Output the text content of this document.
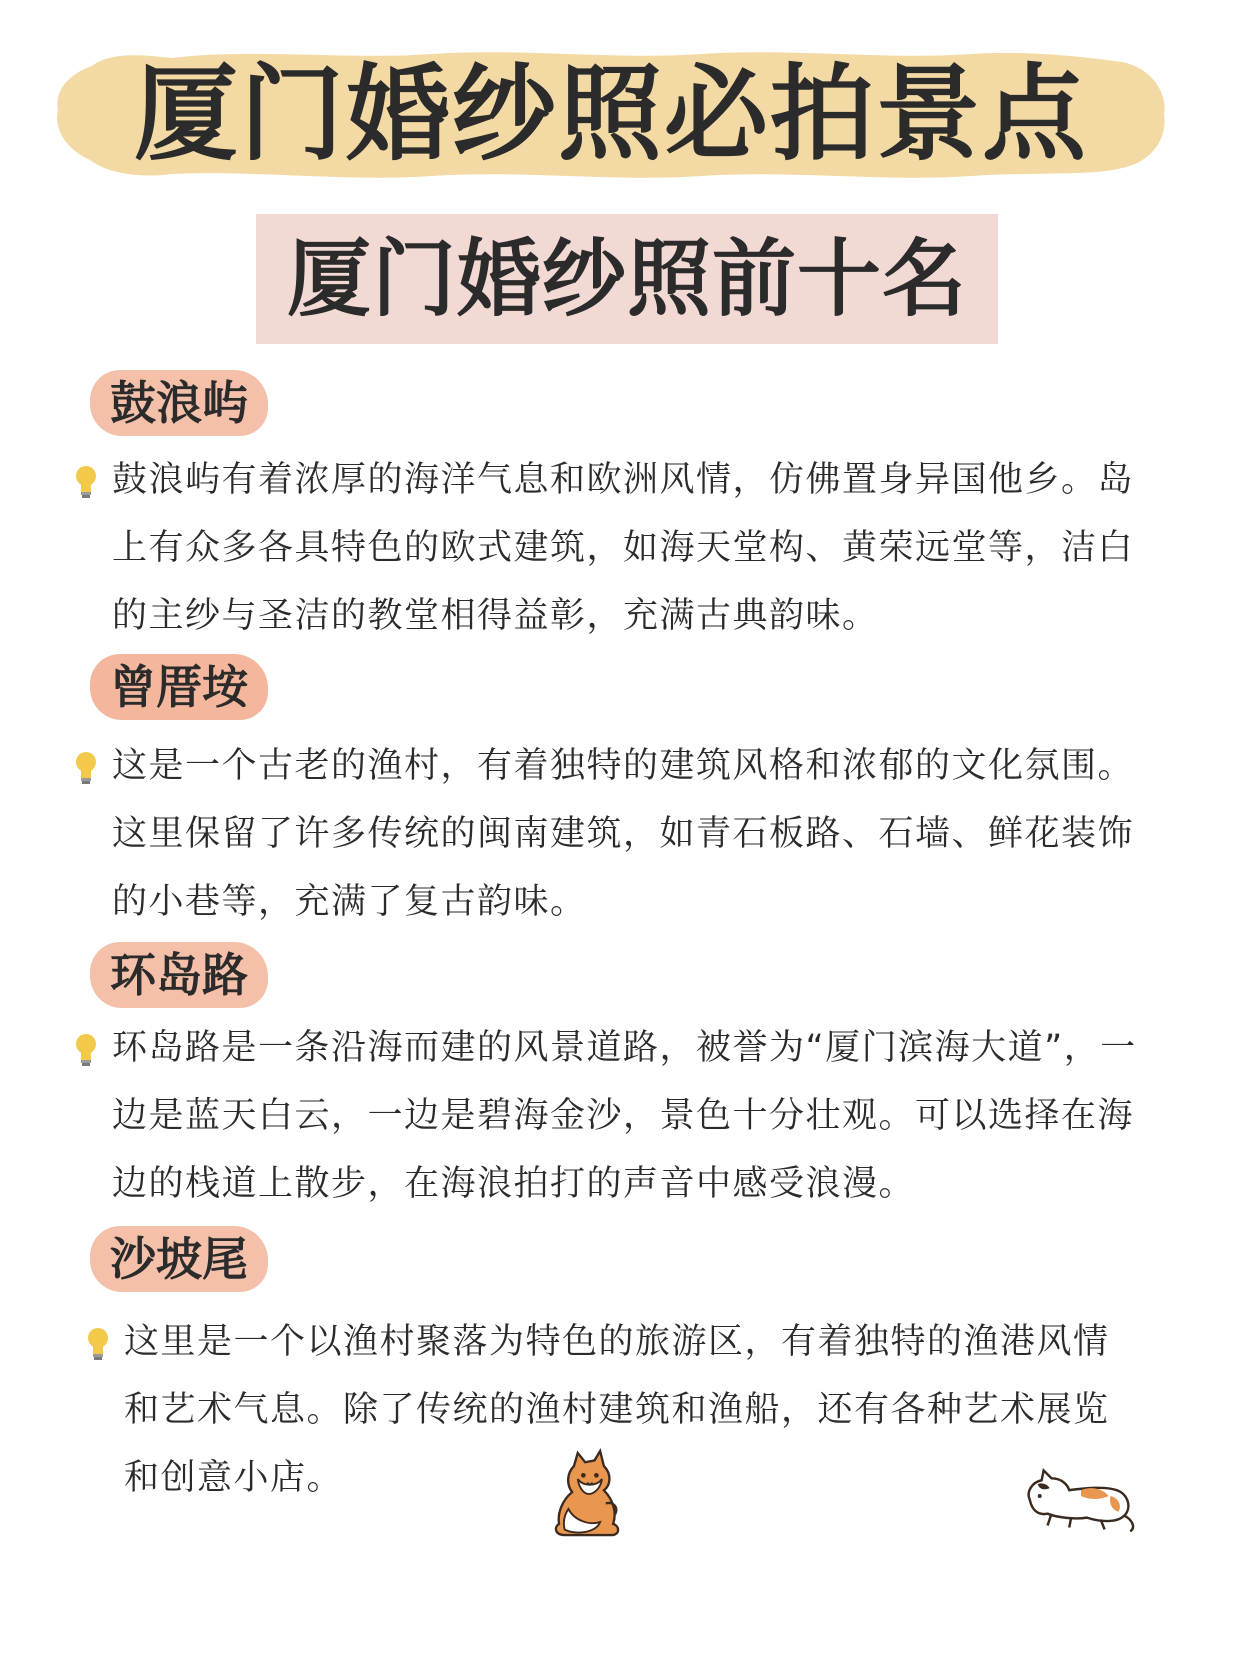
厦门婚纱照必拍景点
厦门婚纱照前十名
鼓浪屿
鼓浪屿有着浓厚的海洋气息和欧洲风情，仿佛置身异国他乡。岛上有众多各具特色的欧式建筑，如海天堂构、黄荣远堂等，洁白的主纱与圣洁的教堂相得益彰，充满古典韵味。
曾厝垵
这是一个古老的渔村，有着独特的建筑风格和浓郁的文化氛围。这里保留了许多传统的闽南建筑，如青石板路、石墙、鲜花装饰的小巷等，充满了复古韵味。
环岛路
环岛路是一条沿海而建的风景道路，被誉为“厦门滨海大道”，一边是蓝天白云，一边是碧海金沙，景色十分壮观。可以选择在海边的栈道上散步，在海浪拍打的声音中感受浪漫。
沙坡尾
这里是一个以渔村聚落为特色的旅游区，有着独特的渔港风情和艺术气息。除了传统的渔村建筑和渔船，还有各种艺术展览和创意小店。
